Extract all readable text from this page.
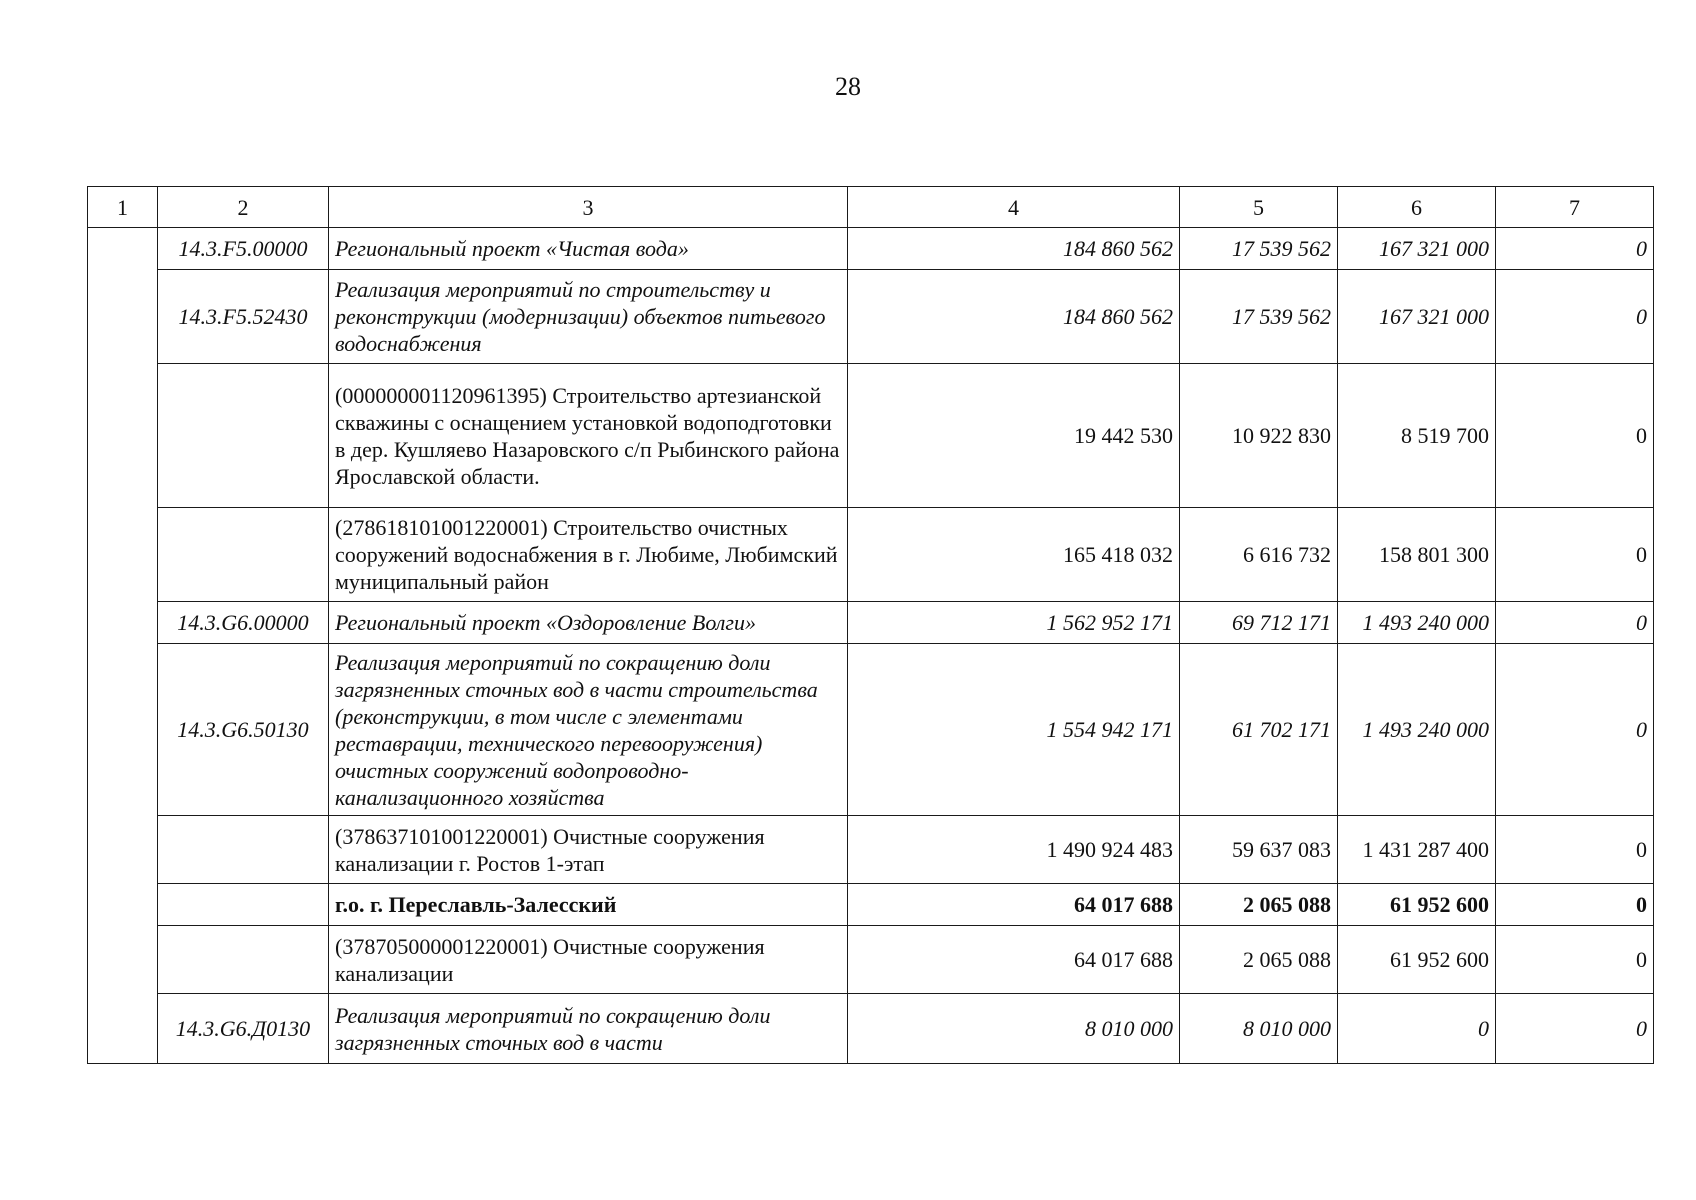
28
1	2	3	4	5	6	7
	14.3.F5.00000	Региональный проект «Чистая вода»	184 860 562	17 539 562	167 321 000	0
	14.3.F5.52430	Реализация мероприятий по строительству и реконструкции (модернизации) объектов питьевого водоснабжения	184 860 562	17 539 562	167 321 000	0
		(000000001120961395) Строительство артезианской скважины с оснащением установкой водоподготовки в дер. Кушляево Назаровского с/п Рыбинского района Ярославской области.	19 442 530	10 922 830	8 519 700	0
		(278618101001220001) Строительство очистных сооружений водоснабжения в г. Любиме, Любимский муниципальный район	165 418 032	6 616 732	158 801 300	0
	14.3.G6.00000	Региональный проект «Оздоровление Волги»	1 562 952 171	69 712 171	1 493 240 000	0
	14.3.G6.50130	Реализация мероприятий по сокращению доли загрязненных сточных вод в части строительства (реконструкции, в том числе с элементами реставрации, технического перевооружения) очистных сооружений водопроводно-канализационного хозяйства	1 554 942 171	61 702 171	1 493 240 000	0
		(378637101001220001) Очистные сооружения канализации г. Ростов 1-этап	1 490 924 483	59 637 083	1 431 287 400	0
		г.о. г. Переславль-Залесский	64 017 688	2 065 088	61 952 600	0
		(378705000001220001) Очистные сооружения канализации	64 017 688	2 065 088	61 952 600	0
	14.3.G6.Д0130	Реализация мероприятий по сокращению доли загрязненных сточных вод в части	8 010 000	8 010 000	0	0
